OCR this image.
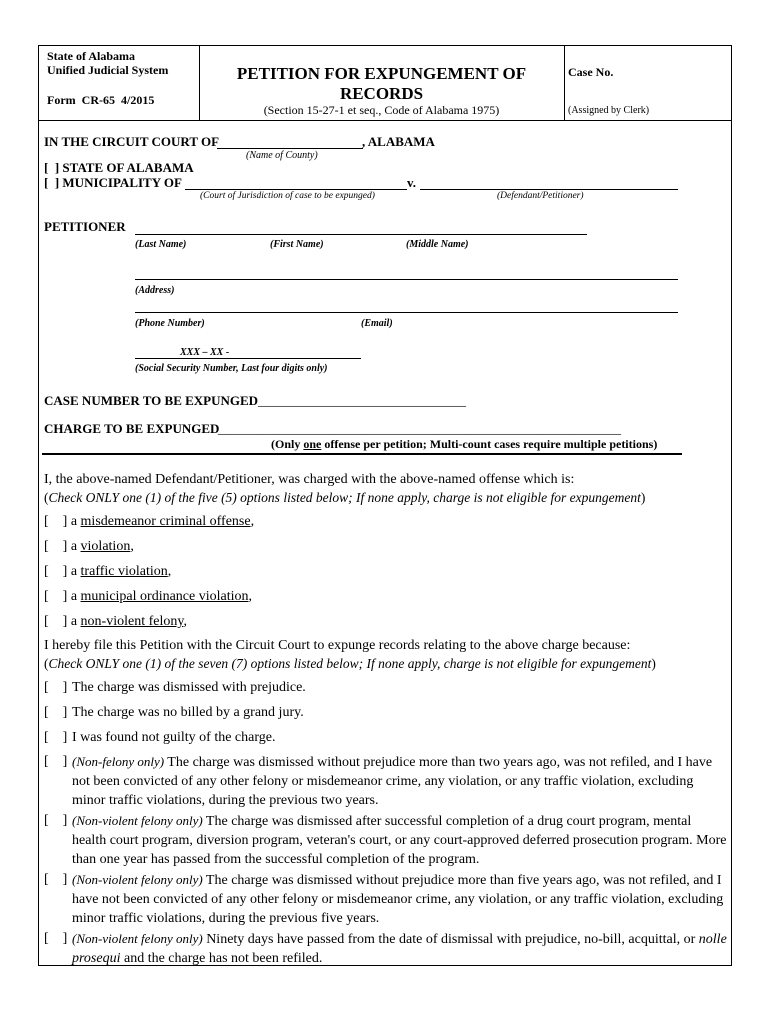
State of Alabama
Unified Judicial System
Form  CR-65  4/2015
PETITION FOR EXPUNGEMENT OF
RECORDS
(Section 15-27-1 et seq., Code of Alabama 1975)
Case No.
(Assigned by Clerk)
IN THE CIRCUIT COURT OF	, ALABAMA
(Name of County)
[  ] STATE OF ALABAMA
[  ] MUNICIPALITY OF	v.
(Court of Jurisdiction of case to be expunged)	(Defendant/Petitioner)
PETITIONER
(Last Name)	(First Name)	(Middle Name)
(Address)
(Phone Number)	(Email)
XXX – XX -
(Social Security Number, Last four digits only)
CASE NUMBER TO BE EXPUNGED ________________________________
CHARGE TO BE EXPUNGED
______________________________________________________________
(Only one offense per petition; Multi-count cases require multiple petitions)
I, the above-named Defendant/Petitioner, was charged with the above-named offense which is:
(Check ONLY one (1) of the five (5) options listed below; If none apply, charge is not eligible for expungement)
[    ] a misdemeanor criminal offense,
[    ] a violation,
[    ] a traffic violation,
[    ] a municipal ordinance violation,
[    ] a non-violent felony,
I hereby file this Petition with the Circuit Court to expunge records relating to the above charge because:
(Check ONLY one (1) of the seven (7) options listed below; If none apply, charge is not eligible for expungement)
[    ] The charge was dismissed with prejudice.
[    ] The charge was no billed by a grand jury.
[    ] I was found not guilty of the charge.
[    ] (Non-felony only) The charge was dismissed without prejudice more than two years ago, was not refiled, and I have not been convicted of any other felony or misdemeanor crime, any violation, or any traffic violation, excluding minor traffic violations, during the previous two years.
[    ] (Non-violent felony only) The charge was dismissed after successful completion of a drug court program, mental health court program, diversion program, veteran's court, or any court-approved deferred prosecution program. More than one year has passed from the successful completion of the program.
[    ] (Non-violent felony only) The charge was dismissed without prejudice more than five years ago, was not refiled, and I have not been convicted of any other felony or misdemeanor crime, any violation, or any traffic violation, excluding minor traffic violations, during the previous five years.
[    ] (Non-violent felony only) Ninety days have passed from the date of dismissal with prejudice, no-bill, acquittal, or nolle prosequi and the charge has not been refiled.
